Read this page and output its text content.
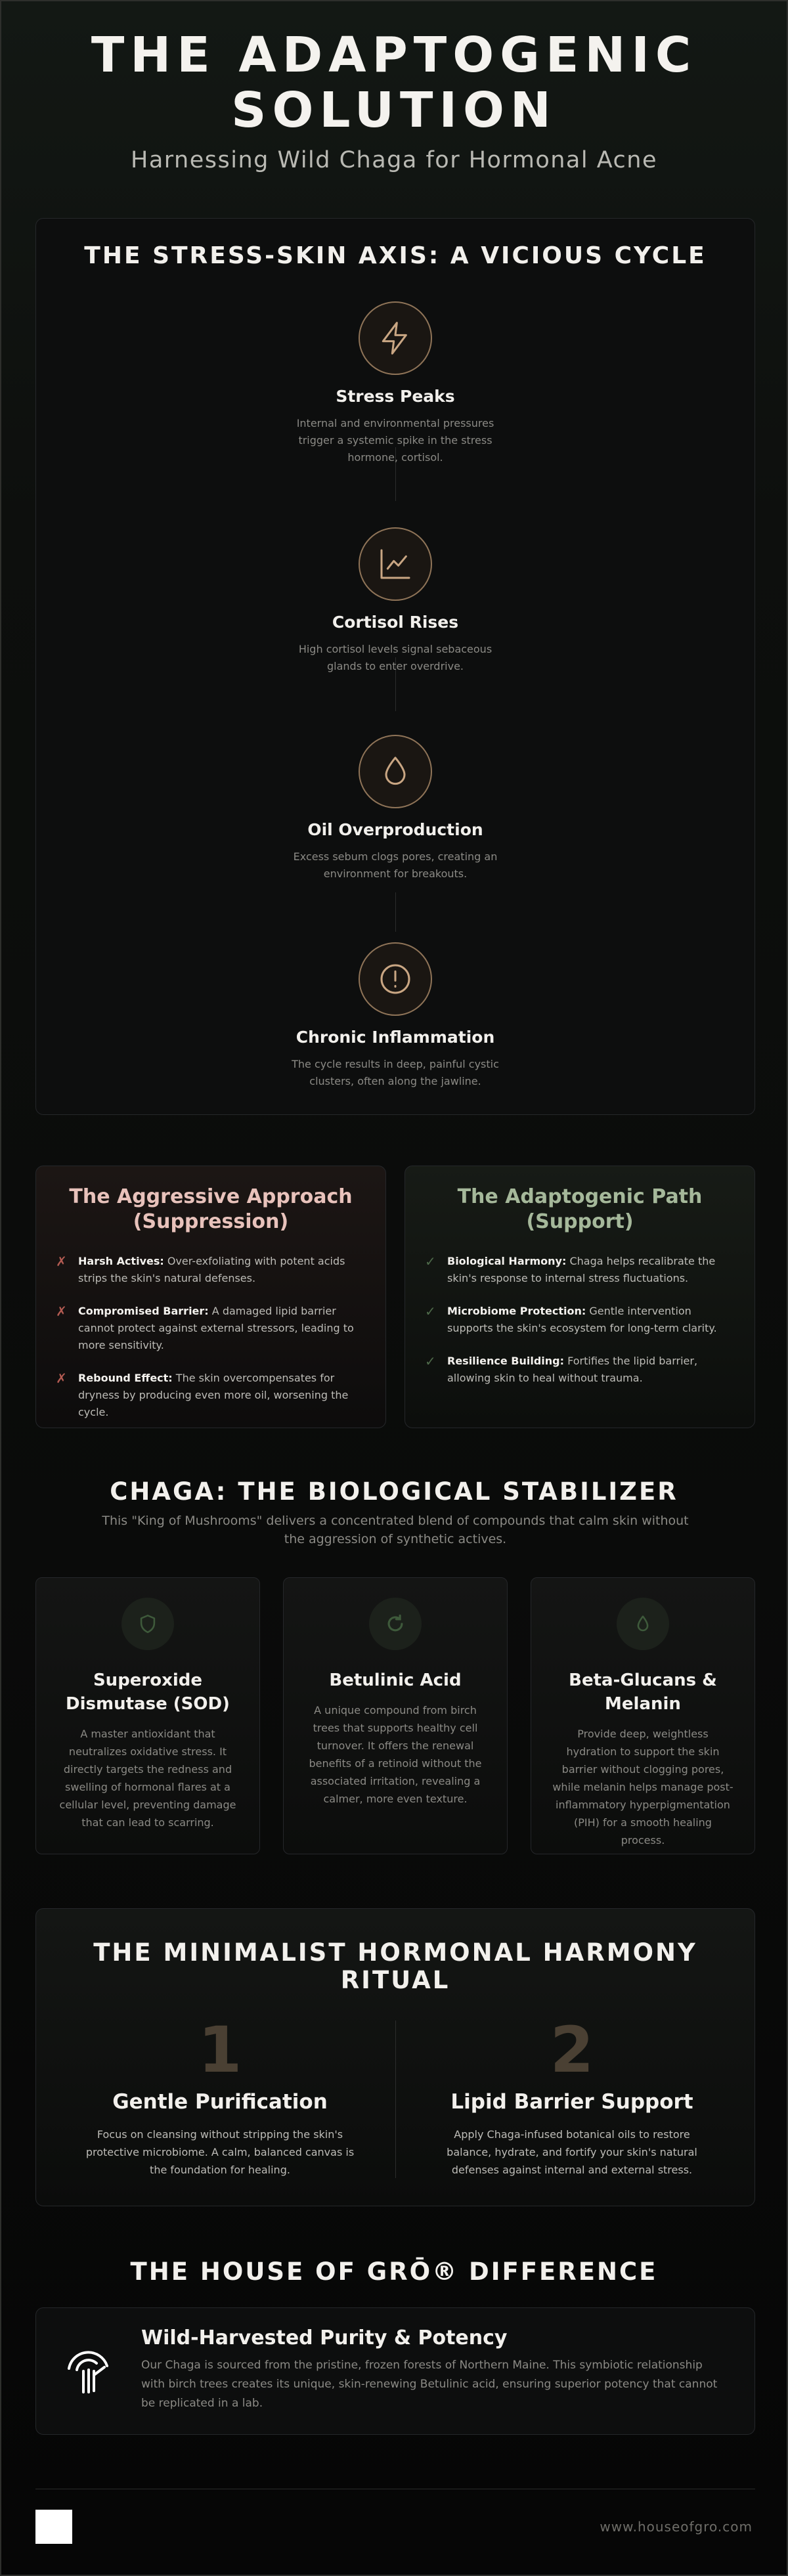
THE ADAPTOGENIC SOLUTION
Harnessing Wild Chaga for Hormonal Acne
THE STRESS-SKIN AXIS: A VICIOUS CYCLE
Stress Peaks

Internal and environmental pressures trigger a systemic spike in the stress hormone, cortisol.

Cortisol Rises

High cortisol levels signal sebaceous glands to enter overdrive.

Oil Overproduction

Excess sebum clogs pores, creating an environment for breakouts.

Chronic Inflammation

The cycle results in deep, painful cystic clusters, often along the jawline.

The Aggressive Approach (Suppression)
✗	Harsh Actives: Over-exfoliating with potent acids strips the skin's natural defenses.
✗	Compromised Barrier: A damaged lipid barrier cannot protect against external stressors, leading to more sensitivity.
✗	Rebound Effect: The skin overcompensates for dryness by producing even more oil, worsening the cycle.
The Adaptogenic Path (Support)
✓	Biological Harmony: Chaga helps recalibrate the skin's response to internal stress fluctuations.
✓	Microbiome Protection: Gentle intervention supports the skin's ecosystem for long-term clarity.
✓	Resilience Building: Fortifies the lipid barrier, allowing skin to heal without trauma.
CHAGA: THE BIOLOGICAL STABILIZER

This "King of Mushrooms" delivers a concentrated blend of compounds that calm skin without the aggression of synthetic actives.

Superoxide Dismutase (SOD)

A master antioxidant that neutralizes oxidative stress. It directly targets the redness and swelling of hormonal flares at a cellular level, preventing damage that can lead to scarring.

Betulinic Acid

A unique compound from birch trees that supports healthy cell turnover. It offers the renewal benefits of a retinoid without the associated irritation, revealing a calmer, more even texture.

Beta-Glucans & Melanin

Provide deep, weightless hydration to support the skin barrier without clogging pores, while melanin helps manage post-inflammatory hyperpigmentation (PIH) for a smooth healing process.

THE MINIMALIST HORMONAL HARMONY RITUAL
1
Gentle Purification

Focus on cleansing without stripping the skin's protective microbiome. A calm, balanced canvas is the foundation for healing.

2
Lipid Barrier Support

Apply Chaga-infused botanical oils to restore balance, hydrate, and fortify your skin's natural defenses against internal and external stress.

THE HOUSE OF GRŌ® DIFFERENCE
Wild-Harvested Purity & Potency

Our Chaga is sourced from the pristine, frozen forests of Northern Maine. This symbiotic relationship with birch trees creates its unique, skin-renewing Betulinic acid, ensuring superior potency that cannot be replicated in a lab.

www.houseofgro.com
